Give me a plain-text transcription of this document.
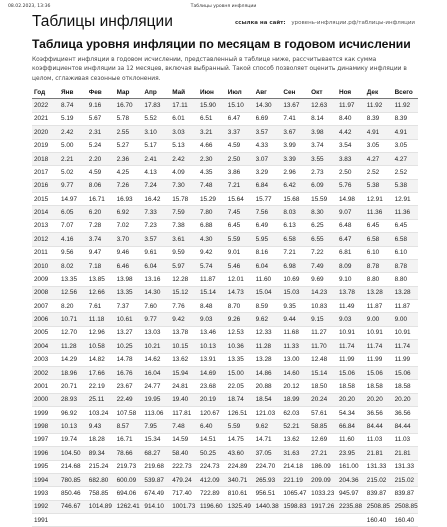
08.02.2023, 13:36	Таблицы уровня инфляции
Таблицы инфляции	ссылка на сайт: уровень-инфляции.рф/таблицы-инфляции
Таблица уровня инфляции по месяцам в годовом исчислении
Коэффициент инфляции в годовом исчислении, представленный в таблице ниже, рассчитывается как сумма коэффициентов инфляции за 12 месяцев, включая выбранный. Такой способ позволяет оценить динамику инфляции в целом, сглаживая сезонные отклонения.
Год	Янв	Фев	Мар	Апр	Май	Июн	Июл	Авг	Сен	Окт	Ноя	Дек	Всего
2022	8.74	9.16	16.70	17.83	17.11	15.90	15.10	14.30	13.67	12.63	11.97	11.92	11.92
2021	5.19	5.67	5.78	5.52	6.01	6.51	6.47	6.69	7.41	8.14	8.40	8.39	8.39
2020	2.42	2.31	2.55	3.10	3.03	3.21	3.37	3.57	3.67	3.98	4.42	4.91	4.91
2019	5.00	5.24	5.27	5.17	5.13	4.66	4.59	4.33	3.99	3.74	3.54	3.05	3.05
2018	2.21	2.20	2.36	2.41	2.42	2.30	2.50	3.07	3.39	3.55	3.83	4.27	4.27
2017	5.02	4.59	4.25	4.13	4.09	4.35	3.86	3.29	2.96	2.73	2.50	2.52	2.52
2016	9.77	8.06	7.26	7.24	7.30	7.48	7.21	6.84	6.42	6.09	5.76	5.38	5.38
2015	14.97	16.71	16.93	16.42	15.78	15.29	15.64	15.77	15.68	15.59	14.98	12.91	12.91
2014	6.05	6.20	6.92	7.33	7.59	7.80	7.45	7.56	8.03	8.30	9.07	11.36	11.36
2013	7.07	7.28	7.02	7.23	7.38	6.88	6.45	6.49	6.13	6.25	6.48	6.45	6.45
2012	4.16	3.74	3.70	3.57	3.61	4.30	5.59	5.95	6.58	6.55	6.47	6.58	6.58
2011	9.56	9.47	9.46	9.61	9.59	9.42	9.01	8.16	7.21	7.22	6.81	6.10	6.10
2010	8.02	7.18	6.46	6.04	5.97	5.74	5.46	6.04	6.98	7.49	8.09	8.78	8.78
2009	13.35	13.85	13.98	13.16	12.28	11.87	12.01	11.60	10.69	9.69	9.10	8.80	8.80
2008	12.56	12.66	13.35	14.30	15.12	15.14	14.73	15.04	15.03	14.23	13.78	13.28	13.28
2007	8.20	7.61	7.37	7.60	7.76	8.48	8.70	8.59	9.35	10.83	11.49	11.87	11.87
2006	10.71	11.18	10.61	9.77	9.42	9.03	9.26	9.62	9.44	9.15	9.03	9.00	9.00
2005	12.70	12.96	13.27	13.03	13.78	13.46	12.53	12.33	11.68	11.27	10.91	10.91	10.91
2004	11.28	10.58	10.25	10.21	10.15	10.13	10.36	11.28	11.33	11.70	11.74	11.74	11.74
2003	14.29	14.82	14.78	14.62	13.62	13.91	13.35	13.28	13.00	12.48	11.99	11.99	11.99
2002	18.96	17.66	16.76	16.04	15.94	14.69	15.00	14.86	14.60	15.14	15.06	15.06	15.06
2001	20.71	22.19	23.67	24.77	24.81	23.68	22.05	20.88	20.12	18.50	18.58	18.58	18.58
2000	28.93	25.11	22.49	19.95	19.40	20.19	18.74	18.54	18.99	20.24	20.20	20.20	20.20
1999	96.92	103.24	107.58	113.06	117.81	120.67	126.51	121.03	62.03	57.61	54.34	36.56	36.56
1998	10.13	9.43	8.57	7.95	7.48	6.40	5.59	9.62	52.21	58.85	66.84	84.44	84.44
1997	19.74	18.28	16.71	15.34	14.59	14.51	14.75	14.71	13.62	12.69	11.60	11.03	11.03
1996	104.50	89.34	78.66	68.27	58.40	50.25	43.60	37.05	31.63	27.21	23.95	21.81	21.81
1995	214.68	215.24	219.73	219.68	222.73	224.73	224.89	224.70	214.18	186.09	161.00	131.33	131.33
1994	780.85	682.80	600.09	539.87	479.24	412.09	340.71	265.93	221.19	209.09	204.36	215.02	215.02
1993	850.46	758.85	694.06	674.49	717.40	722.89	810.61	956.51	1065.47	1033.23	945.97	839.87	839.87
1992	746.67	1014.89	1262.41	914.10	1001.73	1196.60	1325.49	1440.38	1598.83	1917.26	2235.88	2508.85	2508.85
1991												160.40	160.40
